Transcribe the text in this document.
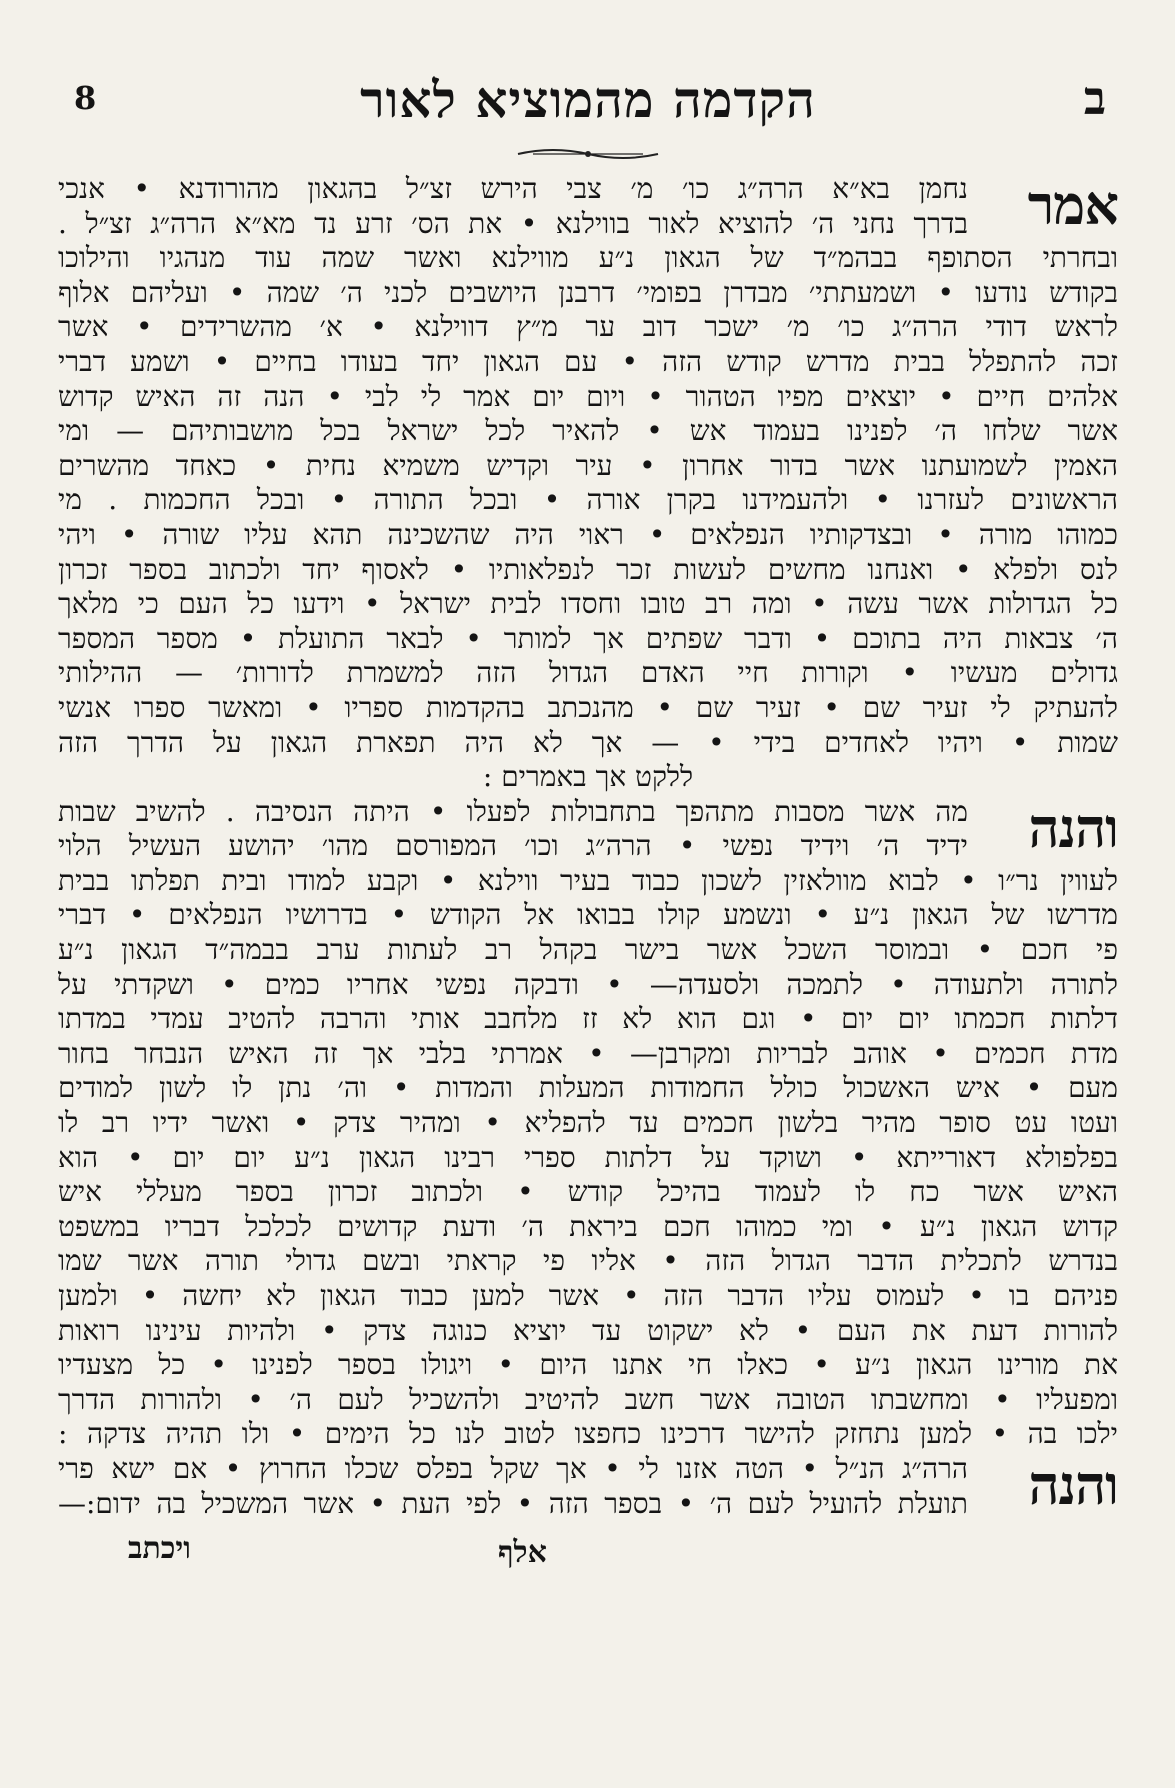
הקדמה מהמוציא לאור	ב
8
אמר
נחמן בא״א הרה״ג כו׳ מ׳ צבי הירש זצ״ל בהגאון מהורודנא • אנכי
בדרך נחני ה׳ להוציא לאור בווילנא • את הס׳ זרע נד מא״א הרה״ג זצ״ל .
ובחרתי הסתופף בבהמ״ד של הגאון נ״ע מווילנא ואשר שמה עוד מנהגיו והילוכו
בקודש נודעו • ושמעתתי׳ מבדרן בפומי׳ דרבנן היושבים לכני ה׳ שמה • ועליהם אלוף
לראש דודי הרה״ג כו׳ מ׳ ישכר דוב ער מ״ץ דווילנא • א׳ מהשרידים • אשר
זכה להתפלל בבית מדרש קודש הזה • עם הגאון יחד בעודו בחיים • ושמע דברי
אלהים חיים • יוצאים מפיו הטהור • ויום יום אמר לי לבי • הנה זה האיש קדוש
אשר שלחו ה׳ לפנינו בעמוד אש • להאיר לכל ישראל בכל מושבותיהם — ומי
האמין לשמועתנו אשר בדור אחרון • עיר וקדיש משמיא נחית • כאחד מהשרים
הראשונים לעזרנו • ולהעמידנו בקרן אורה • ובכל התורה • ובכל החכמות . מי
כמוהו מורה • ובצדקותיו הנפלאים • ראוי היה שהשכינה תהא עליו שורה • ויהי
לנס ולפלא • ואנחנו מחשים לעשות זכר לנפלאותיו • לאסוף יחד ולכתוב בספר זכרון
כל הגדולות אשר עשה • ומה רב טובו וחסדו לבית ישראל • וידעו כל העם כי מלאך
ה׳ צבאות היה בתוכם • ודבר שפתים אך למותר • לבאר התועלת • מספר המספר
גדולים מעשיו • וקורות חיי האדם הגדול הזה למשמרת לדורות׳ — ההילותי
להעתיק לי זעיר שם • זעיר שם • מהנכתב בהקדמות ספריו • ומאשר ספרו אנשי
שמות • ויהיו לאחדים בידי • — אך לא היה תפארת הגאון על הדרך הזה
ללקט אך באמרים :
והנה
מה אשר מסבות מתהפך בתחבולות לפעלו • היתה הנסיבה . להשיב שבות
ידיד ה׳ וידיד נפשי • הרה״ג וכו׳ המפורסם מהו׳ יהושע העשיל הלוי
לעווין נר״ו • לבוא מוולאזין לשכון כבוד בעיר ווילנא • וקבע למודו ובית תפלתו בבית
מדרשו של הגאון נ״ע • ונשמע קולו בבואו אל הקודש • בדרושיו הנפלאים • דברי
פי חכם • ובמוסר השכל אשר בישר בקהל רב לעתות ערב בבמה״ד הגאון נ״ע
לתורה ולתעודה • לתמכה ולסעדה— • ודבקה נפשי אחריו כמים • ושקדתי על
דלתות חכמתו יום יום • וגם הוא לא זז מלחבב אותי והרבה להטיב עמדי במדתו
מדת חכמים • אוהב לבריות ומקרבן— • אמרתי בלבי אך זה האיש הנבחר בחור
מעם • איש האשכול כולל החמודות המעלות והמדות • וה׳ נתן לו לשון למודים
ועטו עט סופר מהיר בלשון חכמים עד להפליא • ומהיר צדק • ואשר ידיו רב לו
בפלפולא דאורייתא • ושוקד על דלתות ספרי רבינו הגאון נ״ע יום יום • הוא
האיש אשר כח לו לעמוד בהיכל קודש • ולכתוב זכרון בספר מעללי איש
קדוש הגאון נ״ע • ומי כמוהו חכם ביראת ה׳ ודעת קדושים לכלכל דבריו במשפט
בנדרש לתכלית הדבר הגדול הזה • אליו פי קראתי ובשם גדולי תורה אשר שמו
פניהם בו • לעמוס עליו הדבר הזה • אשר למען כבוד הגאון לא יחשה • ולמען
להורות דעת את העם • לא ישקוט עד יוציא כנוגה צדק • ולהיות עינינו רואות
את מורינו הגאון נ״ע • כאלו חי אתנו היום • ויגולו בספר לפנינו • כל מצעדיו
ומפעליו • ומחשבתו הטובה אשר חשב להיטיב ולהשכיל לעם ה׳ • ולהורות הדרך
ילכו בה • למען נתחזק להישר דרכינו כחפצו לטוב לנו כל הימים • ולו תהיה צדקה :
והנה
הרה״ג הנ״ל • הטה אזנו לי • אך שקל בפלס שכלו החרוץ • אם ישא פרי
תועלת להועיל לעם ה׳ • בספר הזה • לפי העת • אשר המשכיל בה ידום:—
ויכתב	אלף
